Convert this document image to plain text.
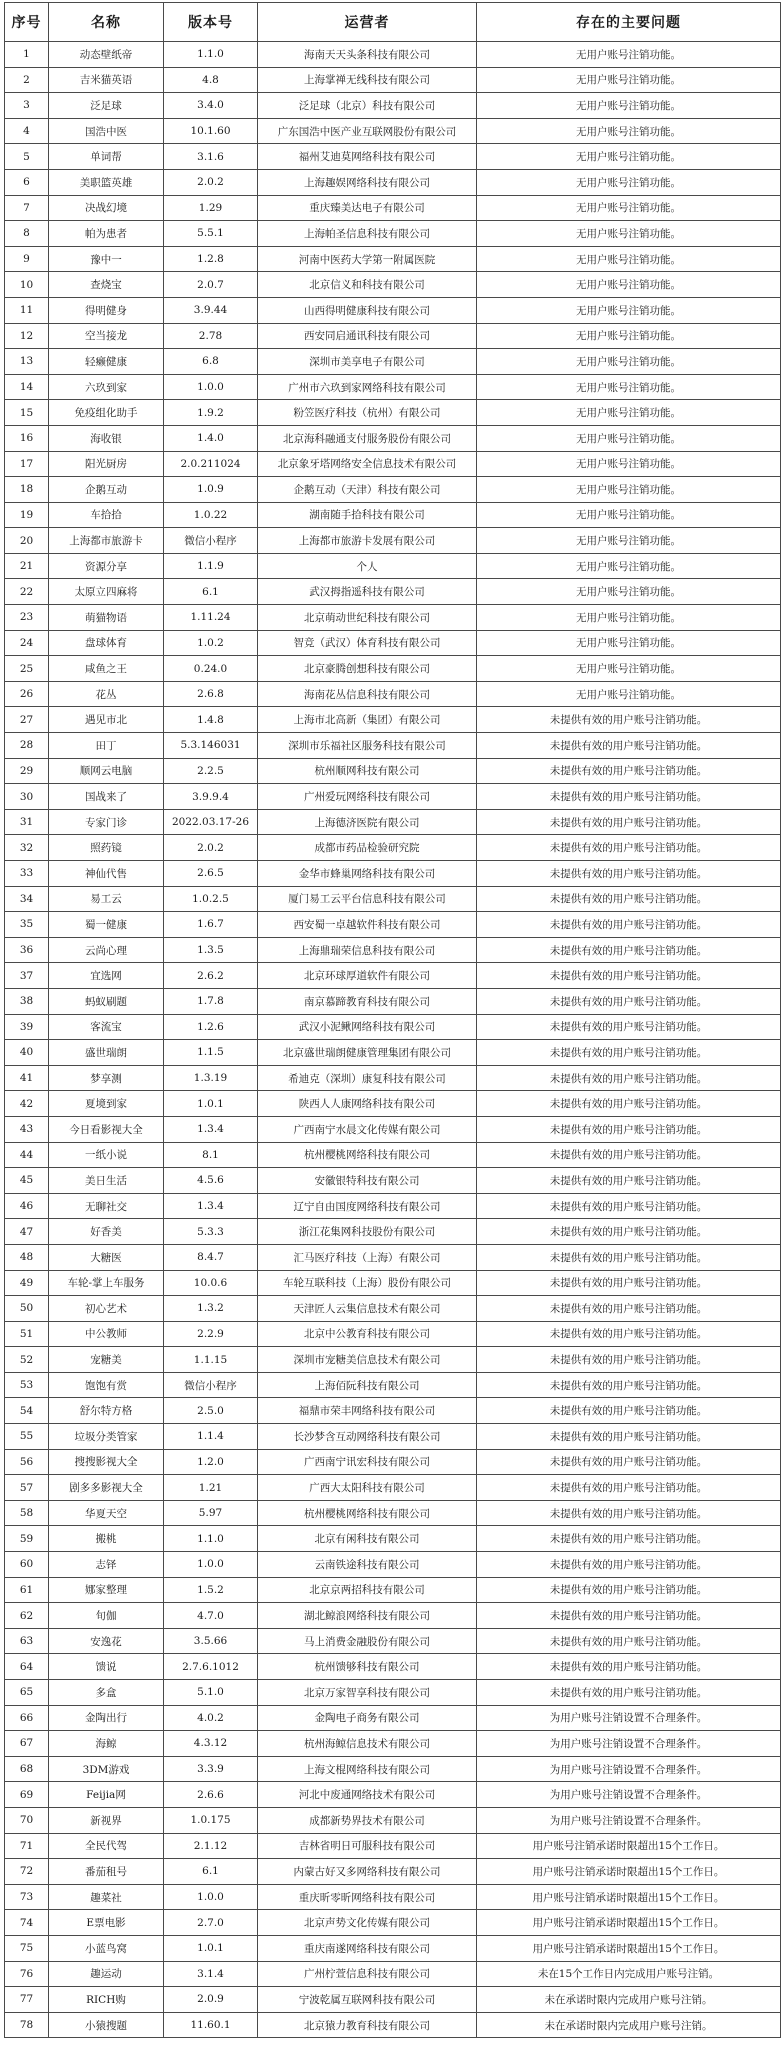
序号	名称	版本号	运营者	存在的主要问题
1	动态壁纸帝	1.1.0	海南天天头条科技有限公司	无用户账号注销功能。
2	吉米猫英语	4.8	上海掌禅无线科技有限公司	无用户账号注销功能。
3	泛足球	3.4.0	泛足球（北京）科技有限公司	无用户账号注销功能。
4	国浩中医	10.1.60	广东国浩中医产业互联网股份有限公司	无用户账号注销功能。
5	单词帮	3.1.6	福州艾迪莫网络科技有限公司	无用户账号注销功能。
6	美职篮英雄	2.0.2	上海趣娱网络科技有限公司	无用户账号注销功能。
7	决战幻境	1.29	重庆臻美达电子有限公司	无用户账号注销功能。
8	帕为患者	5.5.1	上海帕圣信息科技有限公司	无用户账号注销功能。
9	豫中一	1.2.8	河南中医药大学第一附属医院	无用户账号注销功能。
10	查烧宝	2.0.7	北京信义和科技有限公司	无用户账号注销功能。
11	得明健身	3.9.44	山西得明健康科技有限公司	无用户账号注销功能。
12	空当接龙	2.78	西安同启通讯科技有限公司	无用户账号注销功能。
13	轻癞健康	6.8	深圳市美享电子有限公司	无用户账号注销功能。
14	六玖到家	1.0.0	广州市六玖到家网络科技有限公司	无用户账号注销功能。
15	免疫组化助手	1.9.2	粉笠医疗科技（杭州）有限公司	无用户账号注销功能。
16	海收银	1.4.0	北京海科融通支付服务股份有限公司	无用户账号注销功能。
17	阳光厨房	2.0.211024	北京象牙塔网络安全信息技术有限公司	无用户账号注销功能。
18	企鹅互动	1.0.9	企鹅互动（天津）科技有限公司	无用户账号注销功能。
19	车拾拾	1.0.22	湖南随手拾科技有限公司	无用户账号注销功能。
20	上海都市旅游卡	微信小程序	上海都市旅游卡发展有限公司	无用户账号注销功能。
21	资源分享	1.1.9	个人	无用户账号注销功能。
22	太原立四麻将	6.1	武汉拇指遥科技有限公司	无用户账号注销功能。
23	萌猫物语	1.11.24	北京萌动世纪科技有限公司	无用户账号注销功能。
24	盘球体育	1.0.2	智竞（武汉）体育科技有限公司	无用户账号注销功能。
25	咸鱼之王	0.24.0	北京豪腾创想科技有限公司	无用户账号注销功能。
26	花丛	2.6.8	海南花丛信息科技有限公司	无用户账号注销功能。
27	遇见市北	1.4.8	上海市北高新（集团）有限公司	未提供有效的用户账号注销功能。
28	田丁	5.3.146031	深圳市乐福社区服务科技有限公司	未提供有效的用户账号注销功能。
29	顺网云电脑	2.2.5	杭州顺网科技有限公司	未提供有效的用户账号注销功能。
30	国战来了	3.9.9.4	广州爱玩网络科技有限公司	未提供有效的用户账号注销功能。
31	专家门诊	2022.03.17-26	上海德济医院有限公司	未提供有效的用户账号注销功能。
32	照药镜	2.0.2	成都市药品检验研究院	未提供有效的用户账号注销功能。
33	神仙代售	2.6.5	金华市蜂巢网络科技有限公司	未提供有效的用户账号注销功能。
34	易工云	1.0.2.5	厦门易工云平台信息科技有限公司	未提供有效的用户账号注销功能。
35	蜀一健康	1.6.7	西安蜀一卓越软件科技有限公司	未提供有效的用户账号注销功能。
36	云尚心理	1.3.5	上海鼎瑞荣信息科技有限公司	未提供有效的用户账号注销功能。
37	宜选网	2.6.2	北京环球厚道软件有限公司	未提供有效的用户账号注销功能。
38	蚂蚁刷题	1.7.8	南京慕蹄教育科技有限公司	未提供有效的用户账号注销功能。
39	客流宝	1.2.6	武汉小泥鳅网络科技有限公司	未提供有效的用户账号注销功能。
40	盛世瑞朗	1.1.5	北京盛世瑞朗健康管理集团有限公司	未提供有效的用户账号注销功能。
41	梦享测	1.3.19	希迪克（深圳）康复科技有限公司	未提供有效的用户账号注销功能。
42	夏境到家	1.0.1	陕西人人康网络科技有限公司	未提供有效的用户账号注销功能。
43	今日看影视大全	1.3.4	广西南宁水晨文化传媒有限公司	未提供有效的用户账号注销功能。
44	一纸小说	8.1	杭州樱桃网络科技有限公司	未提供有效的用户账号注销功能。
45	美日生活	4.5.6	安徽银特科技有限公司	未提供有效的用户账号注销功能。
46	无聊社交	1.3.4	辽宁自由国度网络科技有限公司	未提供有效的用户账号注销功能。
47	好香美	5.3.3	浙江花集网科技股份有限公司	未提供有效的用户账号注销功能。
48	大糖医	8.4.7	汇马医疗科技（上海）有限公司	未提供有效的用户账号注销功能。
49	车轮-掌上车服务	10.0.6	车轮互联科技（上海）股份有限公司	未提供有效的用户账号注销功能。
50	初心艺术	1.3.2	天津匠人云集信息技术有限公司	未提供有效的用户账号注销功能。
51	中公教师	2.2.9	北京中公教育科技有限公司	未提供有效的用户账号注销功能。
52	宠糖美	1.1.15	深圳市宠糖美信息技术有限公司	未提供有效的用户账号注销功能。
53	饱饱有赏	微信小程序	上海佰阮科技有限公司	未提供有效的用户账号注销功能。
54	舒尔特方格	2.5.0	福鼎市荣丰网络科技有限公司	未提供有效的用户账号注销功能。
55	垃圾分类管家	1.1.4	长沙梦含互动网络科技有限公司	未提供有效的用户账号注销功能。
56	搜搜影视大全	1.2.0	广西南宁讯宏科技有限公司	未提供有效的用户账号注销功能。
57	剧多多影视大全	1.21	广西大太阳科技有限公司	未提供有效的用户账号注销功能。
58	华夏天空	5.97	杭州樱桃网络科技有限公司	未提供有效的用户账号注销功能。
59	搬桃	1.1.0	北京有闲科技有限公司	未提供有效的用户账号注销功能。
60	志铎	1.0.0	云南铁途科技有限公司	未提供有效的用户账号注销功能。
61	娜家整理	1.5.2	北京京两招科技有限公司	未提供有效的用户账号注销功能。
62	旬伽	4.7.0	湖北鲸浪网络科技有限公司	未提供有效的用户账号注销功能。
63	安逸花	3.5.66	马上消费金融股份有限公司	未提供有效的用户账号注销功能。
64	馈说	2.7.6.1012	杭州馈够科技有限公司	未提供有效的用户账号注销功能。
65	多盒	5.1.0	北京万家智享科技有限公司	未提供有效的用户账号注销功能。
66	金陶出行	4.0.2	金陶电子商务有限公司	为用户账号注销设置不合理条件。
67	海鲸	4.3.12	杭州海鲸信息技术有限公司	为用户账号注销设置不合理条件。
68	3DM游戏	3.3.9	上海文棍网络科技有限公司	为用户账号注销设置不合理条件。
69	Feijia网	2.6.6	河北中废通网络技术有限公司	为用户账号注销设置不合理条件。
70	新视界	1.0.175	成都新势界技术有限公司	为用户账号注销设置不合理条件。
71	全民代驾	2.1.12	吉林省明日可服科技有限公司	用户账号注销承诺时限超出15个工作日。
72	番茄租号	6.1	内蒙古好又多网络科技有限公司	用户账号注销承诺时限超出15个工作日。
73	趣菜社	1.0.0	重庆昕零昕网络科技有限公司	用户账号注销承诺时限超出15个工作日。
74	E票电影	2.7.0	北京声势文化传媒有限公司	用户账号注销承诺时限超出15个工作日。
75	小蓝鸟窝	1.0.1	重庆南遂网络科技有限公司	用户账号注销承诺时限超出15个工作日。
76	趣运动	3.1.4	广州柠萱信息科技有限公司	未在15个工作日内完成用户账号注销。
77	RICH购	2.0.9	宁波乾属互联网科技有限公司	未在承诺时限内完成用户账号注销。
78	小猿搜题	11.60.1	北京猿力教育科技有限公司	未在承诺时限内完成用户账号注销。
